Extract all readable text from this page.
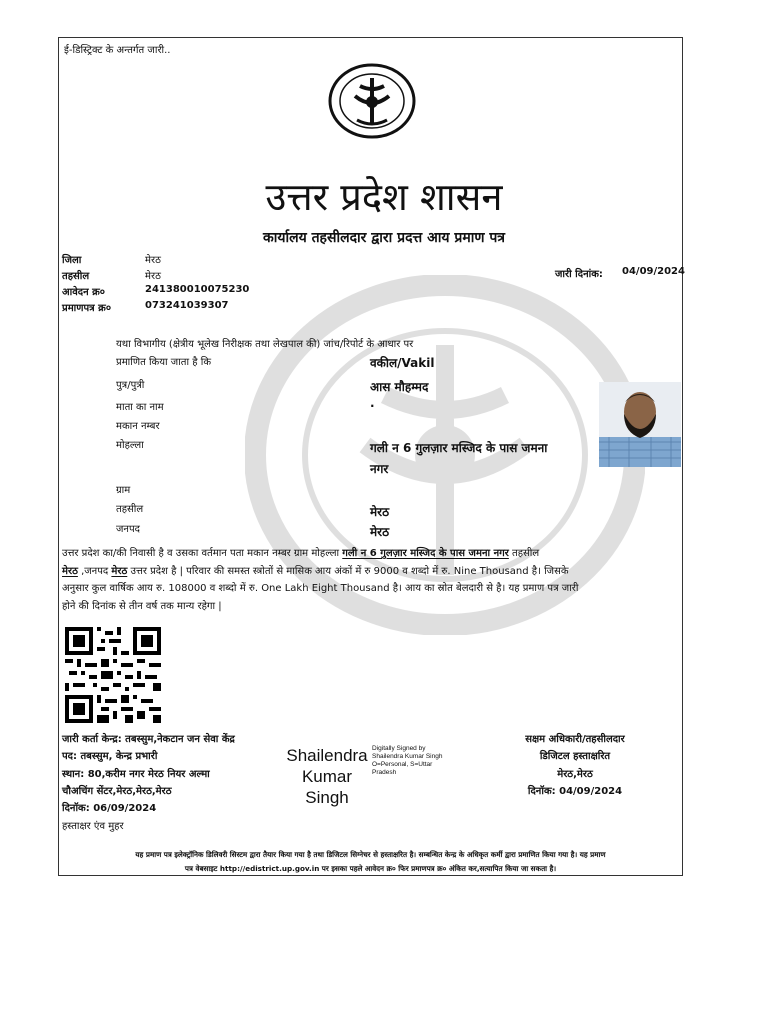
ई-डिस्ट्रिक्ट के अन्तर्गत जारी..
उत्तर प्रदेश शासन
कार्यालय तहसीलदार द्वारा प्रदत्त आय प्रमाण पत्र
जिला	मेरठ
तहसील	मेरठ
आवेदन क्र०	241380010075230
प्रमाणपत्र क्र०	073241039307
जारी दिनांक: 04/09/2024
यथा विभागीय (क्षेत्रीय भूलेख निरीक्षक तथा लेखपाल की) जांच/रिपोर्ट के आधार पर
प्रमाणित किया जाता है कि	वकील/Vakil
पुत्र/पुत्री	आस मौहम्मद
माता का नाम	.
मकान नम्बर
मोहल्ला	गली न 6 गुलज़ार मस्जिद के पास जमना
नगर
ग्राम
तहसील	मेरठ
जनपद	मेरठ
उत्तर प्रदेश का/की निवासी है व उसका वर्तमान पता मकान नम्बर ग्राम मोहल्ला गली न 6 गुलज़ार मस्जिद के पास जमना नगर तहसील
मेरठ ,जनपद मेरठ उत्तर प्रदेश है | परिवार की समस्त स्त्रोतों से मासिक आय अंकों में रु 9000 व शब्दो में रु. Nine Thousand है। जिसके
अनुसार कुल वार्षिक आय रु. 108000 व शब्दो में रु. One Lakh Eight Thousand है। आय का स्रोत बेलदारी से है। यह प्रमाण पत्र जारी
होने की दिनांक से तीन वर्ष तक मान्य रहेगा |
जारी कर्ता केन्द्र: तबस्सुम,नेकटान जन सेवा केंद्र
पद: तबस्सुम, केन्द्र प्रभारी
स्थान: 80,करीम नगर मेरठ नियर अल्मा
चौअचिंग सेंटर,मेरठ,मेरठ,मेरठ
दिनॉक: 06/09/2024
हस्ताक्षर एंव मुहर
Shailendra
Kumar
Singh
Digitally Signed by
Shailendra Kumar Singh
O=Personal, S=Uttar
Pradesh
सक्षम अधिकारी/तहसीलदार
डिजिटल हस्ताक्षरित
मेरठ,मेरठ
दिनॉक: 04/09/2024
यह प्रमाण पत्र इलेक्ट्रॉनिक डिलिवरी सिस्टम द्वारा तैयार किया गया है तथा डिजिटल सिग्नेचर से हस्ताक्षरित है। सम्बन्धित केन्द्र के अधिकृत कर्मी द्वारा प्रमाणित किया गया है। यह प्रमाण
पत्र वेबसाइट http://edistrict.up.gov.in पर इसका पहले आवेदन क्र० फिर प्रमाणपत्र क्र० अंकित कर,सत्यापित किया जा सकता है।
